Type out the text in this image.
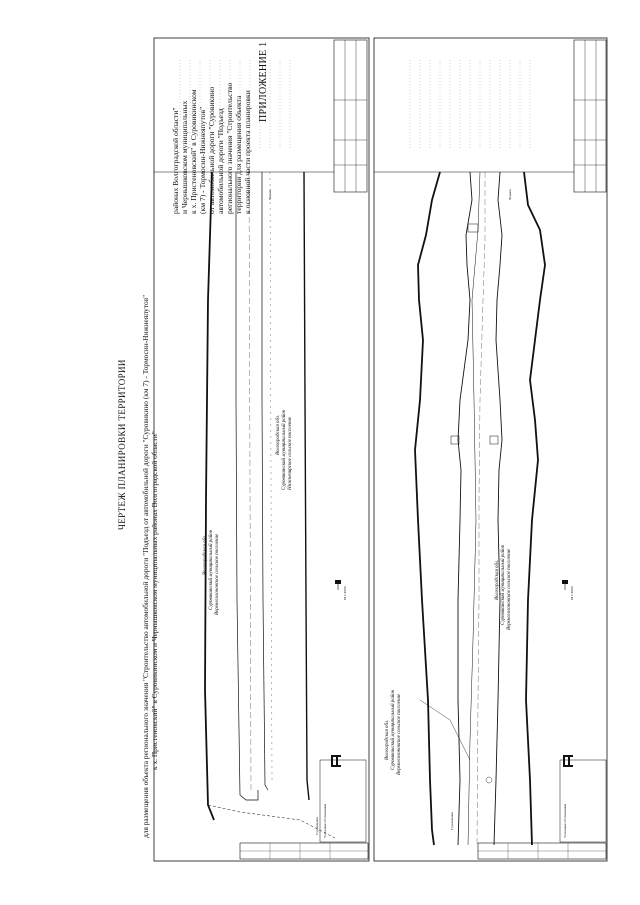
ПРИЛОЖЕНИЕ 1
к основной части проекта планировки
территории для размещения объекта
регионального значения "Строительство
автомобильной дороги "Подъезд
от автомобильной дороги "Суровикино
(км 7) - Тормосин-Нижнеяпутов"
к х. Пристеновский" в Суровикинском
и Чернышковском муниципальных
районах Волгоградской области"
ЧЕРТЕЖ ПЛАНИРОВКИ ТЕРРИТОРИИ для размещения объекта регионального значения "Строительство автомобильной дороги "Подъезд от автомобильной дороги "Суровикино (км 7) - Тормосин-Нижнеяпутов" к х. Пристеновский" в Суровикинском и Чернышковском муниципальных районах Волгоградской области"	Волгоградская обл. Суровикинский муниципальный район Верхнесолоновское сельское поселение
Волгоградская обл. Суровикинский муниципальный район Нижнечирское сельское поселение
Чернов
Суровикино
М 1:1000
Условные обозначения
Волгоградская обл. Суровикинский муниципальный район Верхнесолоновское сельское поселение
Волгоградская обл. Суровикинский муниципальный район Верхнесолоновское сельское поселение
Чернов
Суровикино
М 1:1000
Условные обозначения
